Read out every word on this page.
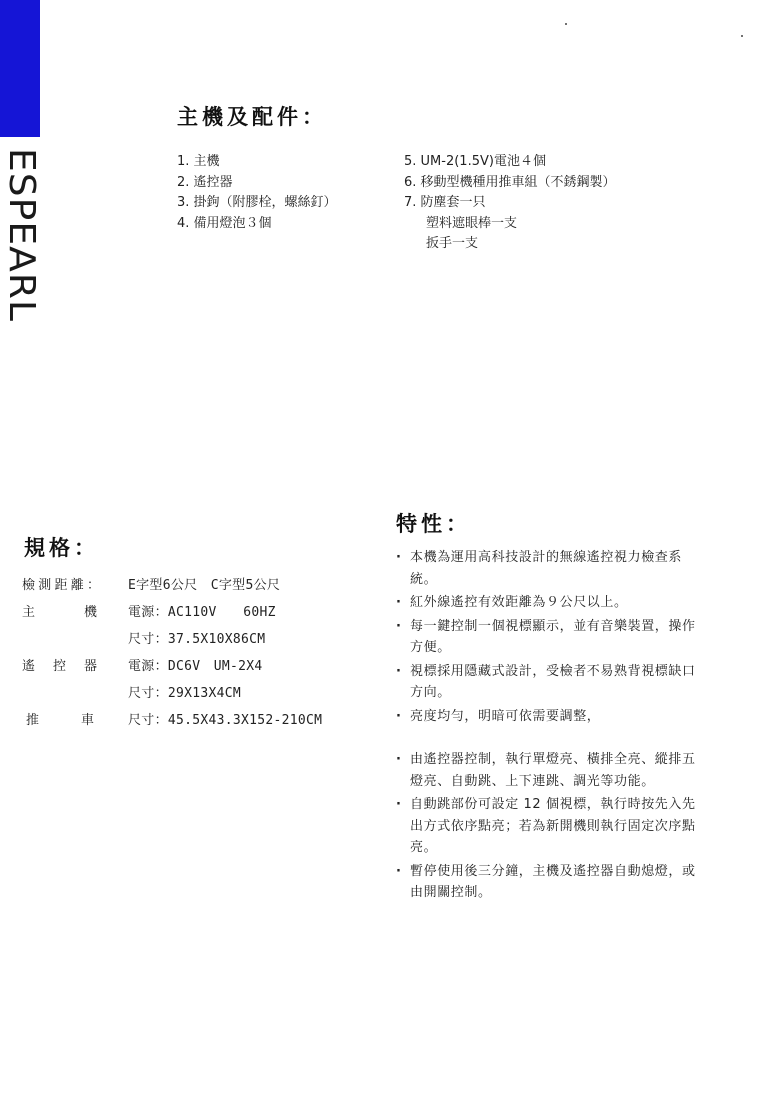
ESPEARL
主機及配件：
1. 主機
2. 遙控器
3. 掛鉤（附膠栓，螺絲釘）
4. 備用燈泡３個
5. UM-2(1.5V)電池４個
6. 移動型機種用推車組（不銹鋼製）
7. 防塵套一只
塑料遮眼棒一支
扳手一支
規格：
檢 測 距 離 ： E字型6公尺　C字型5公尺
主	機 電源：AC110V　　60HZ
尺寸：37.5X10X86CM
遙 控 器 電源：DC6V　UM-2X4
尺寸：29X13X4CM
推	車	尺寸：45.5X43.3X152-210CM
特性：
· 本機為運用高科技設計的無線遙控視力檢查系統。
· 紅外線遙控有效距離為９公尺以上。
· 每一鍵控制一個視標顯示，並有音樂裝置，操作方便。
· 視標採用隱藏式設計，受檢者不易熟背視標缺口方向。
· 亮度均勻，明暗可依需要調整，
· 由遙控器控制，執行單燈亮、橫排全亮、縱排五燈亮、自動跳、上下連跳、調光等功能。
· 自動跳部份可設定 12 個視標，執行時按先入先出方式依序點亮；若為新開機則執行固定次序點亮。
· 暫停使用後三分鐘，主機及遙控器自動熄燈，或由開關控制。
